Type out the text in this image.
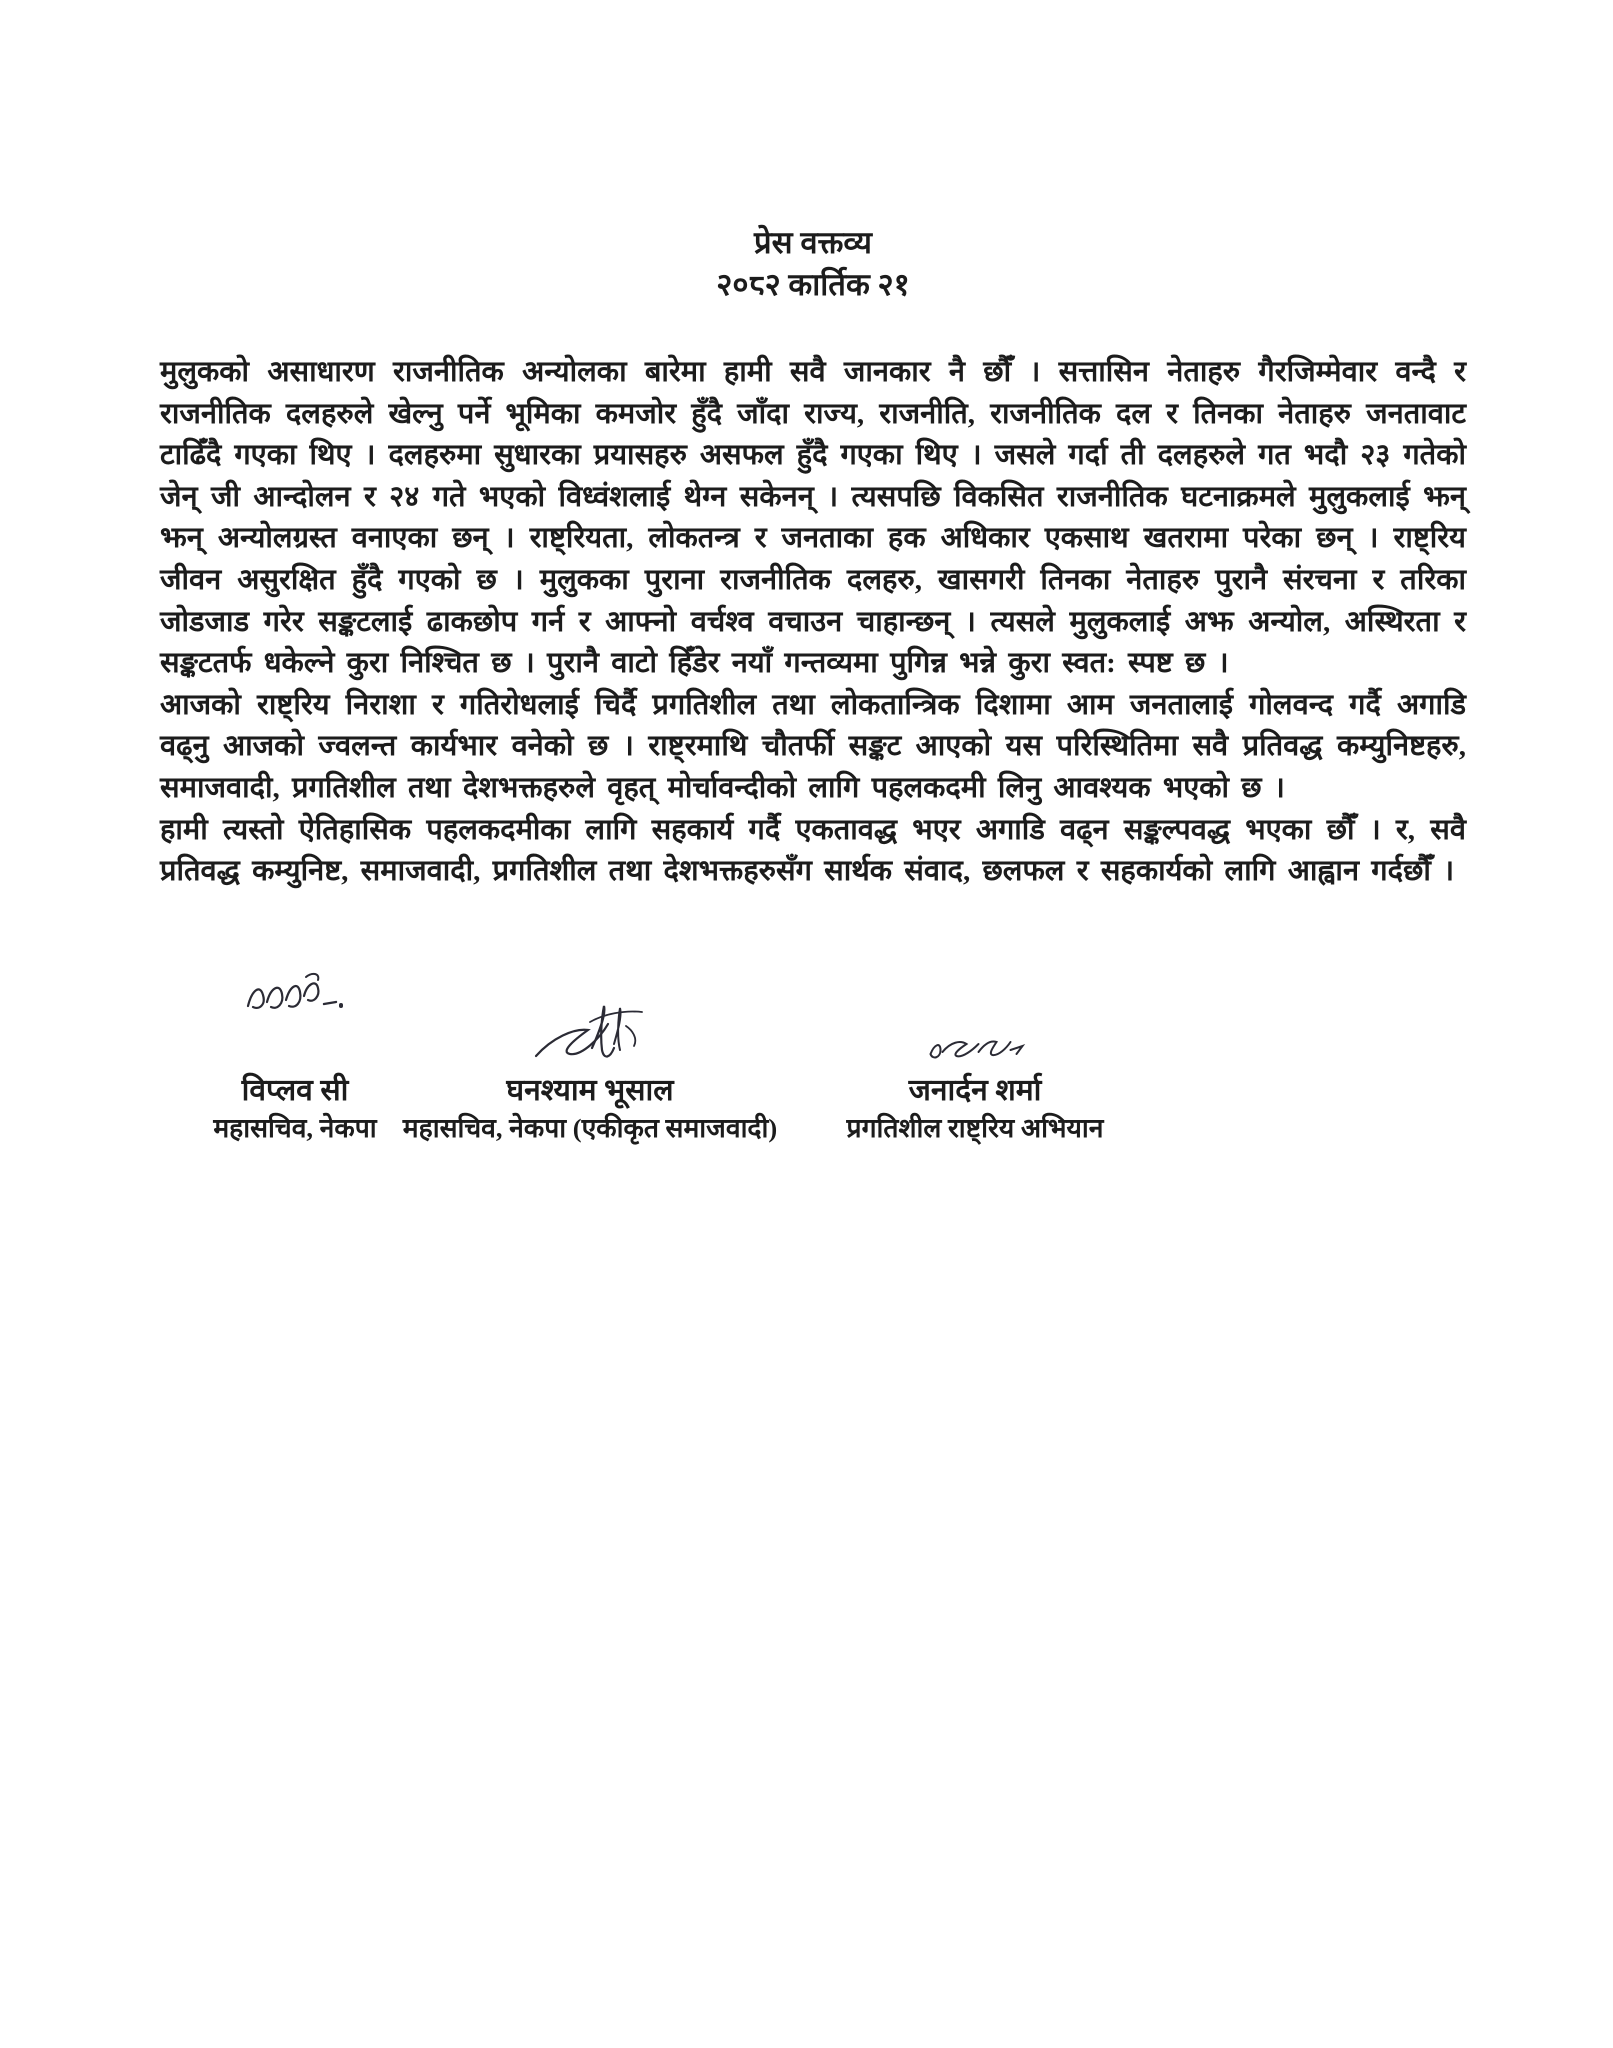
प्रेस वक्तव्य
२०८२ कार्तिक २१

मुलुकको असाधारण राजनीतिक अन्योलका बारेमा हामी सवै जानकार नै छौँ । सत्तासिन नेताहरु गैरजिम्मेवार वन्दै र राजनीतिक दलहरुले खेल्नु पर्ने भूमिका कमजोर हुँदै जाँदा राज्य, राजनीति, राजनीतिक दल र तिनका नेताहरु जनतावाट टाढिँदै गएका थिए । दलहरुमा सुधारका प्रयासहरु असफल हुँदै गएका थिए । जसले गर्दा ती दलहरुले गत भदौ २३ गतेको जेन् जी आन्दोलन र २४ गते भएको विध्वंशलाई थेग्न सकेनन् । त्यसपछि विकसित राजनीतिक घटनाक्रमले मुलुकलाई झन् झन् अन्योलग्रस्त वनाएका छन् । राष्ट्रियता, लोकतन्त्र र जनताका हक अधिकार एकसाथ खतरामा परेका छन् । राष्ट्रिय जीवन असुरक्षित हुँदै गएको छ । मुलुकका पुराना राजनीतिक दलहरु, खासगरी तिनका नेताहरु पुरानै संरचना र तरिका जोडजाड गरेर सङ्कटलाई ढाकछोप गर्न र आफ्नो वर्चश्व वचाउन चाहान्छन् । त्यसले मुलुकलाई अझ अन्योल, अस्थिरता र सङ्कटतर्फ धकेल्ने कुरा निश्चित छ । पुरानै वाटो हिँडेर नयाँ गन्तव्यमा पुगिन्न भन्ने कुरा स्वत: स्पष्ट छ ।

आजको राष्ट्रिय निराशा र गतिरोधलाई चिर्दै प्रगतिशील तथा लोकतान्त्रिक दिशामा आम जनतालाई गोलवन्द गर्दै अगाडि वढ्नु आजको ज्वलन्त कार्यभार वनेको छ । राष्ट्रमाथि चौतर्फी सङ्कट आएको यस परिस्थितिमा सवै प्रतिवद्ध कम्युनिष्टहरु, समाजवादी, प्रगतिशील तथा देशभक्तहरुले वृहत् मोर्चावन्दीको लागि पहलकदमी लिनु आवश्यक भएको छ ।

हामी त्यस्तो ऐतिहासिक पहलकदमीका लागि सहकार्य गर्दै एकतावद्ध भएर अगाडि वढ्न सङ्कल्पवद्ध भएका छौँ । र, सवै प्रतिवद्ध कम्युनिष्ट, समाजवादी, प्रगतिशील तथा देशभक्तहरुसँग सार्थक संवाद, छलफल र सहकार्यको लागि आह्वान गर्दछौँ ।

विप्लव सी
महासचिव, नेकपा
घनश्याम भूसाल
महासचिव, नेकपा (एकीकृत समाजवादी)
जनार्दन शर्मा
प्रगतिशील राष्ट्रिय अभियान
